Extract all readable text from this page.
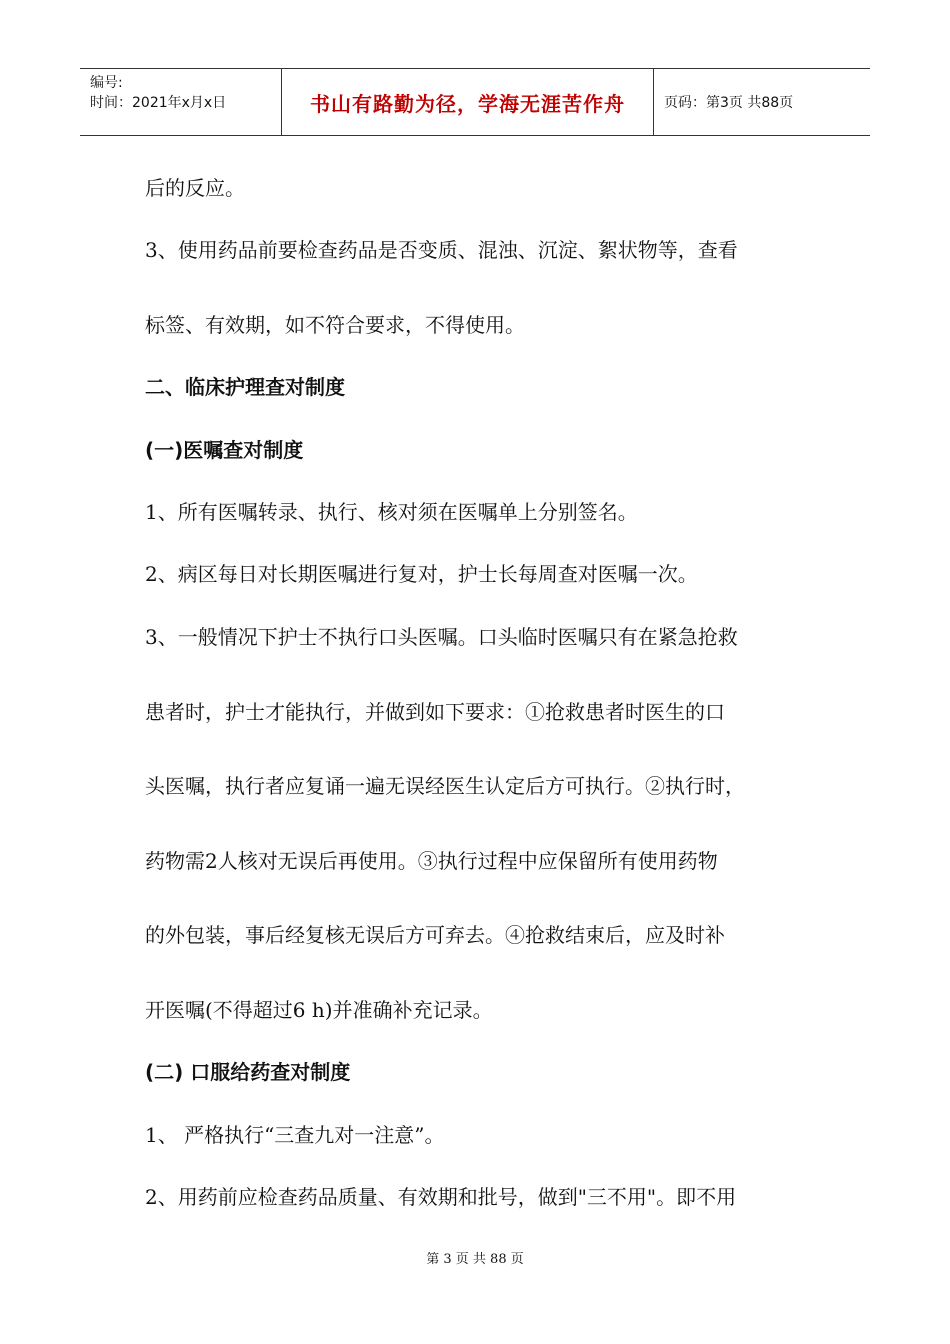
编号:
时间：2021年x月x日	书山有路勤为径，学海无涯苦作舟	页码：第3页 共88页
后的反应。
3、使用药品前要检查药品是否变质、混浊、沉淀、絮状物等，查看
标签、有效期，如不符合要求，不得使用。
二、临床护理查对制度
(一)医嘱查对制度
1、所有医嘱转录、执行、核对须在医嘱单上分别签名。
2、病区每日对长期医嘱进行复对，护士长每周查对医嘱一次。
3、一般情况下护士不执行口头医嘱。口头临时医嘱只有在紧急抢救
患者时，护士才能执行，并做到如下要求：①抢救患者时医生的口
头医嘱，执行者应复诵一遍无误经医生认定后方可执行。②执行时，
药物需2人核对无误后再使用。③执行过程中应保留所有使用药物
的外包装，事后经复核无误后方可弃去。④抢救结束后，应及时补
开医嘱(不得超过6 h)并准确补充记录。
(二) 口服给药查对制度
1、 严格执行“三查九对一注意”。
2、用药前应检查药品质量、有效期和批号，做到"三不用"。即不用
第 3 页 共 88 页
